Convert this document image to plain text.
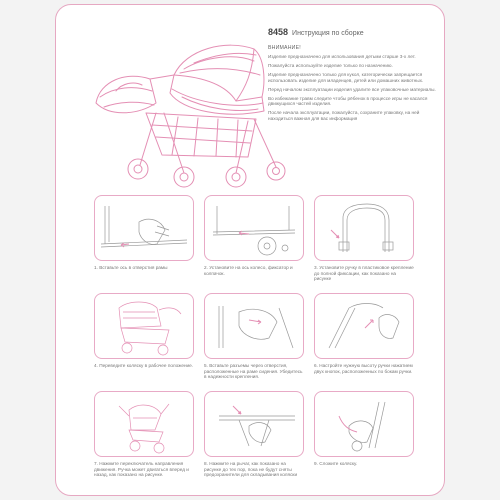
8458 Инструкция по сборке
ВНИМАНИЕ!
Изделие предназначено для использования детьми старше 3-х лет.
Пожалуйста используйте изделие только по назначению.
Изделие предназначено только для кукол, категорически запрещается использовать изделие для младенцев, детей или домашних животных.
Перед началом эксплуатации изделия удалите все упаковочные материалы.
Во избежание травм следите чтобы рёбенок в процессе игры не касался движущихся частей изделия.
После начала эксплуатации, пожалуйста, сохраните упаковку, на ней находиться важная для вас информация
1. Вставьте ось в отверстия рамы	2. Установите на ось колесо, фиксатор и колпачок.
3. Установите ручку в пластиковое крепление до полной фиксации, как показано на рисунке
4. Переведите коляску в рабочее положение. 5. Вставьте разъемы через отверстия, расположенные на раме сидения. Убедитесь в надежности крепления.
6. Настройте нужную высоту ручки нажатием двух кнопок, расположенных по бокам ручки.
7. Нажмите переключатель направления движения. Ручка может двигаться вперед и назад, как показано на рисунке.
8. Нажмите на рычаг, как показано на рисунке до тех пор, пока не будут сняты предохранители для складывания коляски
9. Сложите коляску.
